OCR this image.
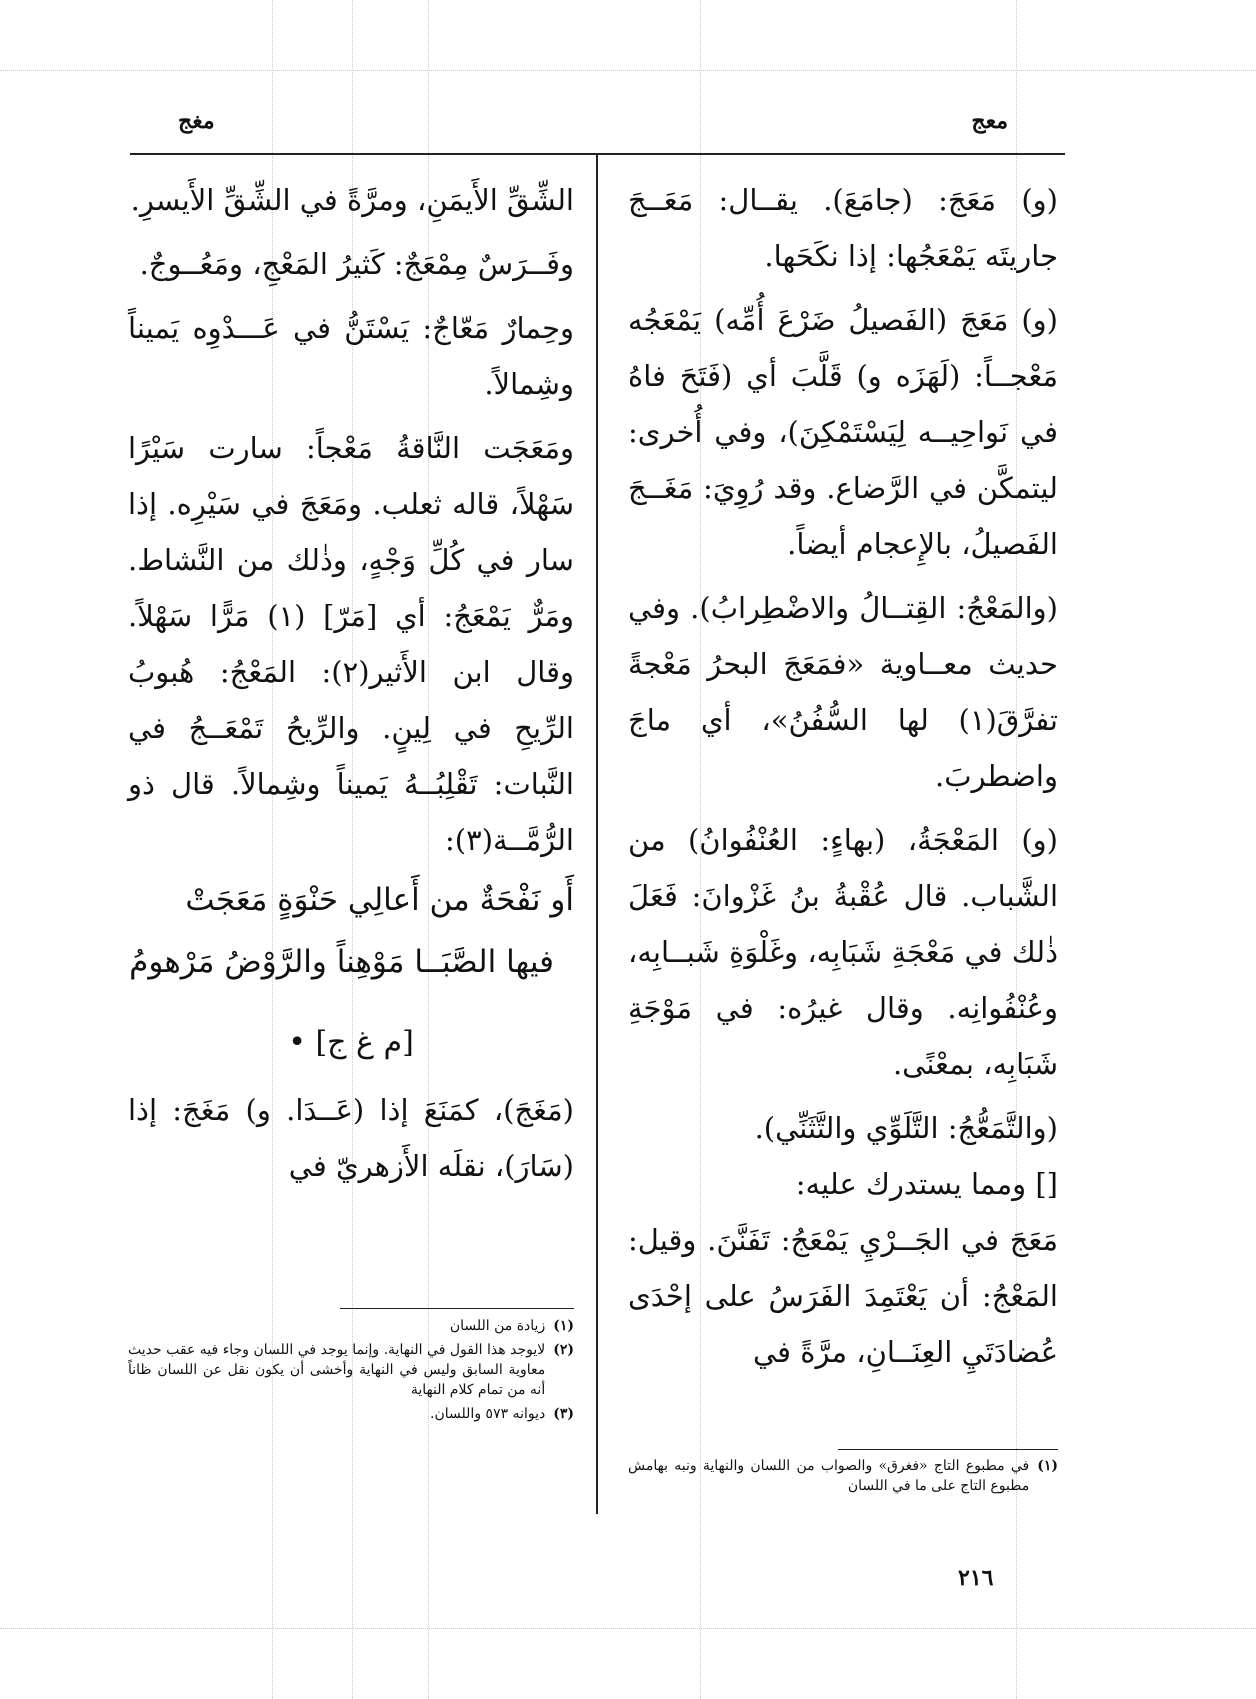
معج
مغج

(و) مَعَجَ: (جامَعَ). يقــال: مَعَــجَ جاريتَه يَمْعَجُها: إذا نكَحَها.

(و) مَعَجَ (الفَصيلُ ضَرْعَ أُمِّه) يَمْعَجُه مَعْجــاً: (لَهَزَه و) قَلَّبَ أي (فَتَحَ فاهُ في نَواحِيــه لِيَسْتَمْكِنَ)، وفي أُخرى: ليتمكَّن في الرَّضاع. وقد رُوِيَ: مَغَــجَ الفَصيلُ، بالإِعجام أيضاً.

(والمَعْجُ: القِتــالُ والاضْطِرابُ). وفي حديث معــاوية «فمَعَجَ البحرُ مَعْجةً تفرَّقَ(١) لها السُّفُنُ»، أي ماجَ واضطربَ.

(و) المَعْجَةُ، (بهاءٍ: العُنْفُوانُ) من الشَّباب. قال عُقْبةُ بنُ غَزْوانَ: فَعَلَ ذٰلك في مَعْجَةِ شَبَابِه، وغَلْوَةِ شَبــابِه، وعُنْفُوانِه. وقال غيرُه: في مَوْجَةِ شَبَابِه، بمعْنًى.

(والتَّمَعُّجُ: التَّلَوِّي والتَّثَنِّي).

[] ومما يستدرك عليه:

مَعَجَ في الجَــرْيِ يَمْعَجُ: تَفَنَّنَ. وقيل: المَعْجُ: أن يَعْتَمِدَ الفَرَسُ على إحْدَى عُضادَتَيِ العِنَــانِ، مرَّةً في

الشِّقِّ الأَيمَنِ، ومرَّةً في الشِّقِّ الأَيسرِ.

وفَــرَسٌ مِمْعَجٌ: كَثيرُ المَعْجِ، ومَعُــوجٌ.

وحِمارٌ مَعّاجٌ: يَسْتَنُّ في عَـــدْوِه يَميناً وشِمالاً.

ومَعَجَت النَّاقةُ مَعْجاً: سارت سَيْرًا سَهْلاً، قاله ثعلب. ومَعَجَ في سَيْرِه. إذا سار في كُلِّ وَجْهٍ، وذٰلك من النَّشاط. ومَرٌّ يَمْعَجُ: أي [مَرّ] (١) مَرًّا سَهْلاً. وقال ابن الأَثير(٢): المَعْجُ: هُبوبُ الرِّيحِ في لِينٍ. والرِّيحُ تَمْعَــجُ في النَّبات: تَقْلِبُــهُ يَميناً وشِمالاً. قال ذو الرُّمَّــة(٣):

أَو نَفْحَةٌ من أَعالِي حَنْوَةٍ مَعَجَتْ

فيها الصَّبَــا مَوْهِناً والرَّوْضُ مَرْهومُ

[م غ ج] •

(مَغَجَ)، كمَنَعَ إذا (عَــدَا. و) مَغَجَ: إذا (سَارَ)، نقلَه الأَزهريّ في

(١)
زيادة من اللسان
(٢)
لايوجد هذا القول في النهاية. وإنما يوجد في اللسان وجاء فيه عقب حديث معاوية السابق وليس في النهاية وأخشى أن يكون نقل عن اللسان ظاناً أنه من تمام كلام النهاية
(٣)
ديوانه ٥٧٣ واللسان.
(١)
في مطبوع التاج «فغرق» والصواب من اللسان والنهاية ونبه بهامش مطبوع التاج على ما في اللسان
٢١٦
